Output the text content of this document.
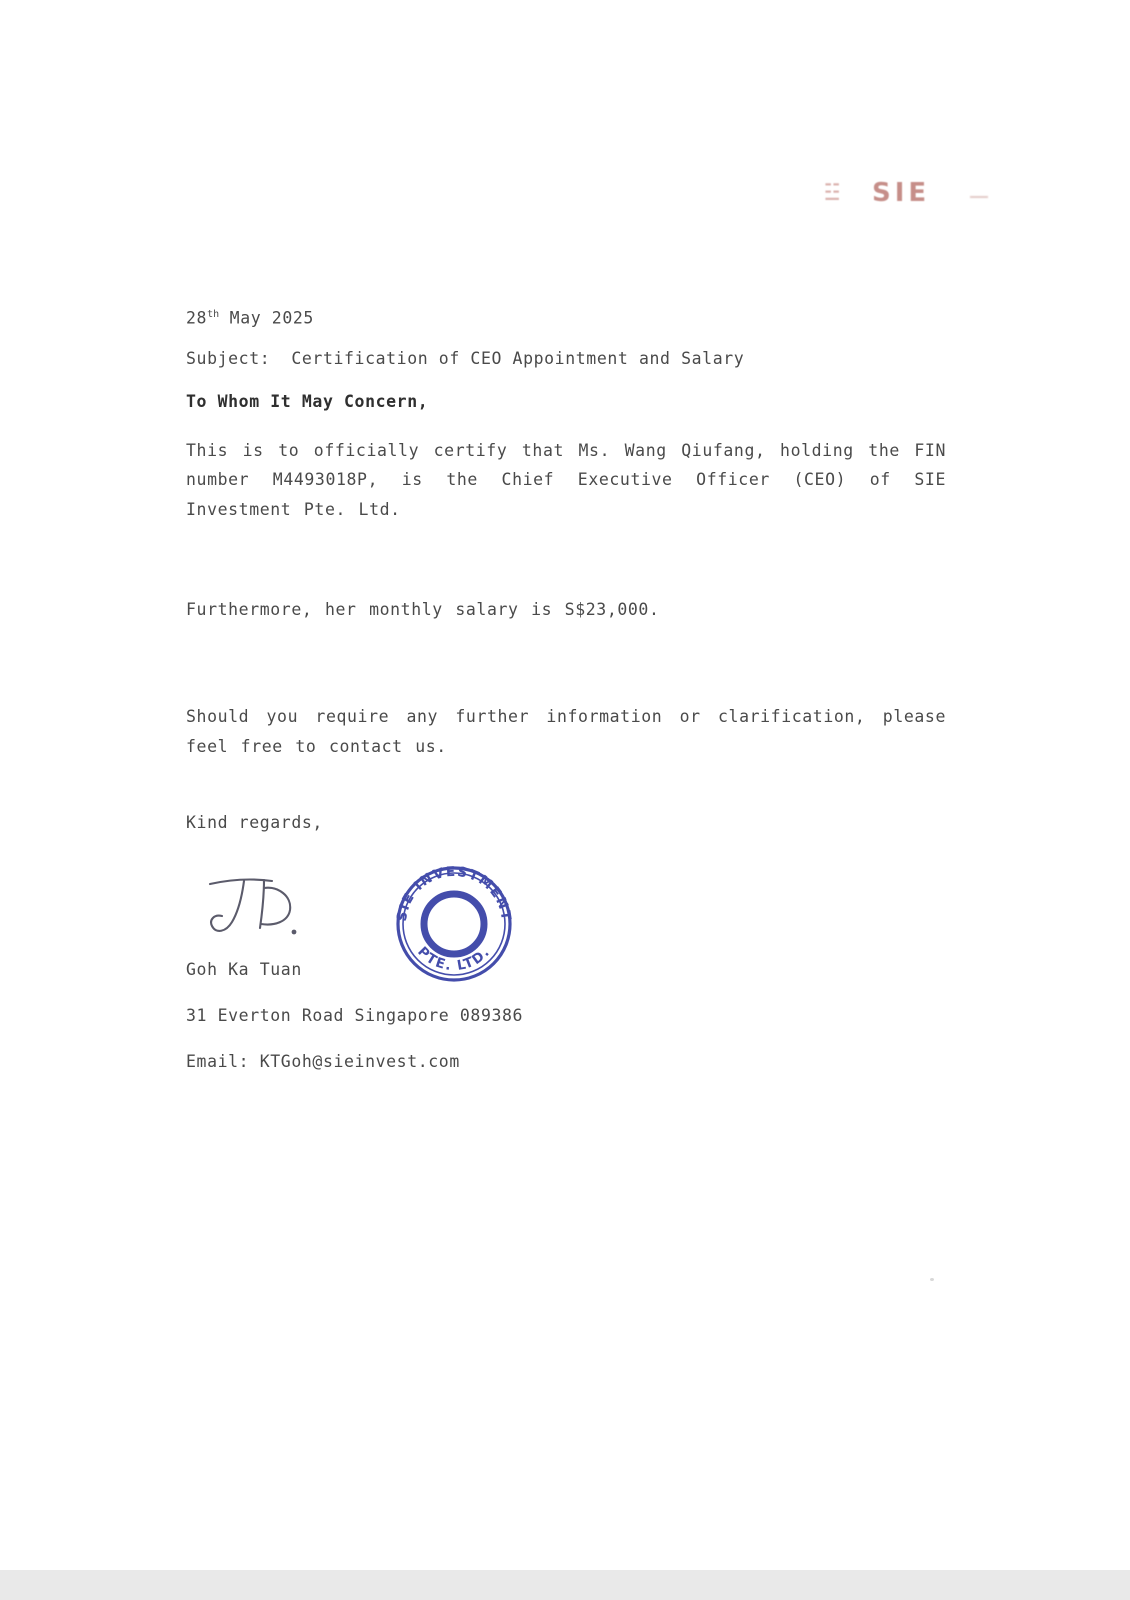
☳ SIE

28th May 2025

Subject:  Certification of CEO Appointment and Salary

To Whom It May Concern,

This is to officially certify that Ms. Wang Qiufang, holding the FIN number M4493018P, is the Chief Executive Officer (CEO) of SIE Investment Pte. Ltd.

Furthermore, her monthly salary is S$23,000.

Should you require any further information or clarification, please feel free to contact us.

Kind regards,

SIE INVESTMENT
PTE. LTD.
Goh Ka Tuan
31 Everton Road Singapore 089386
Email: KTGoh@sieinvest.com
